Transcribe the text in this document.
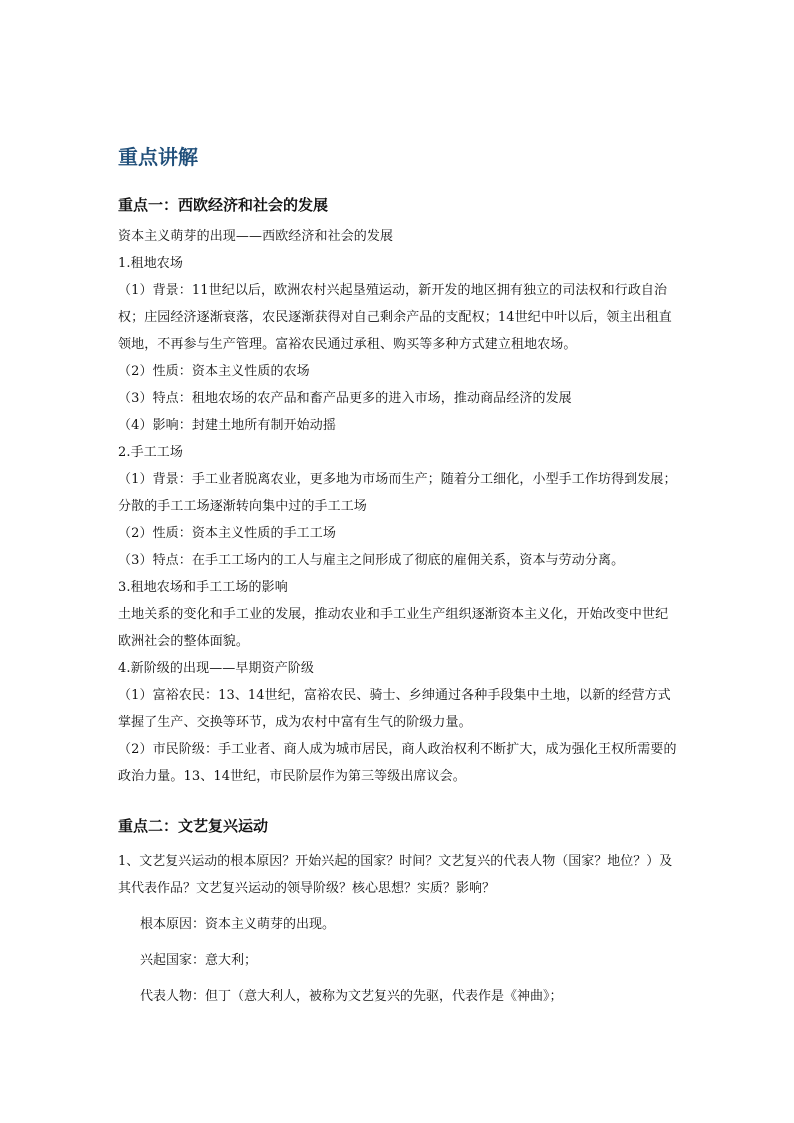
重点讲解
重点一：西欧经济和社会的发展

资本主义萌芽的出现——西欧经济和社会的发展

1.租地农场

（1）背景：11世纪以后，欧洲农村兴起垦殖运动，新开发的地区拥有独立的司法权和行政自治权；庄园经济逐渐衰落，农民逐渐获得对自己剩余产品的支配权；14世纪中叶以后，领主出租直领地，不再参与生产管理。富裕农民通过承租、购买等多种方式建立租地农场。

（2）性质：资本主义性质的农场

（3）特点：租地农场的农产品和畜产品更多的进入市场，推动商品经济的发展

（4）影响：封建土地所有制开始动摇

2.手工工场

（1）背景：手工业者脱离农业，更多地为市场而生产；随着分工细化，小型手工作坊得到发展；分散的手工工场逐渐转向集中过的手工工场

（2）性质：资本主义性质的手工工场

（3）特点：在手工工场内的工人与雇主之间形成了彻底的雇佣关系，资本与劳动分离。

3.租地农场和手工工场的影响

土地关系的变化和手工业的发展，推动农业和手工业生产组织逐渐资本主义化，开始改变中世纪欧洲社会的整体面貌。

4.新阶级的出现——早期资产阶级

（1）富裕农民：13、14世纪，富裕农民、骑士、乡绅通过各种手段集中土地，以新的经营方式掌握了生产、交换等环节，成为农村中富有生气的阶级力量。

（2）市民阶级：手工业者、商人成为城市居民，商人政治权利不断扩大，成为强化王权所需要的政治力量。13、14世纪，市民阶层作为第三等级出席议会。

重点二：文艺复兴运动

1、文艺复兴运动的根本原因？开始兴起的国家？时间？文艺复兴的代表人物（国家？地位？）及其代表作品？文艺复兴运动的领导阶级？核心思想？实质？影响？

根本原因：资本主义萌芽的出现。

兴起国家：意大利；

代表人物：但丁（意大利人，被称为文艺复兴的先驱，代表作是《神曲》；
